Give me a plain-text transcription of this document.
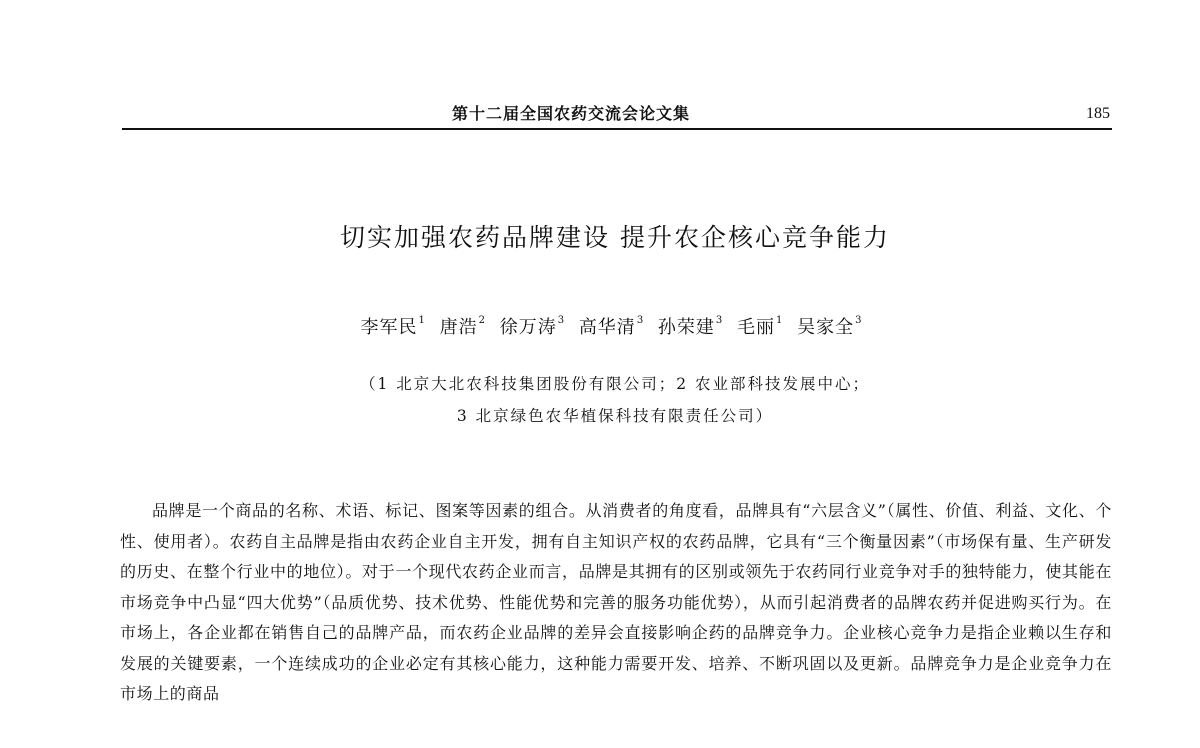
第十二届全国农药交流会论文集	185
切实加强农药品牌建设 提升农企核心竞争能力
李军民$^1$ 唐浩$^2$ 徐万涛$^3$ 高华清$^3$ 孙荣建$^3$ 毛丽$^1$ 吴家全$^3$
（1 北京大北农科技集团股份有限公司；2 农业部科技发展中心；
3 北京绿色农华植保科技有限责任公司）

品牌是一个商品的名称、术语、标记、图案等因素的组合。从消费者的角度看，品牌具有“六层含义”（属性、价值、利益、文化、个性、使用者）。农药自主品牌是指由农药企业自主开发，拥有自主知识产权的农药品牌，它具有“三个衡量因素”（市场保有量、生产研发的历史、在整个行业中的地位）。对于一个现代农药企业而言，品牌是其拥有的区别或领先于农药同行业竞争对手的独特能力，使其能在市场竞争中凸显“四大优势”（品质优势、技术优势、性能优势和完善的服务功能优势），从而引起消费者的品牌农药并促进购买行为。在市场上，各企业都在销售自己的品牌产品，而农药企业品牌的差异会直接影响企药的品牌竞争力。企业核心竞争力是指企业赖以生存和发展的关键要素，一个连续成功的企业必定有其核心能力，这种能力需要开发、培养、不断巩固以及更新。品牌竞争力是企业竞争力在市场上的商品
